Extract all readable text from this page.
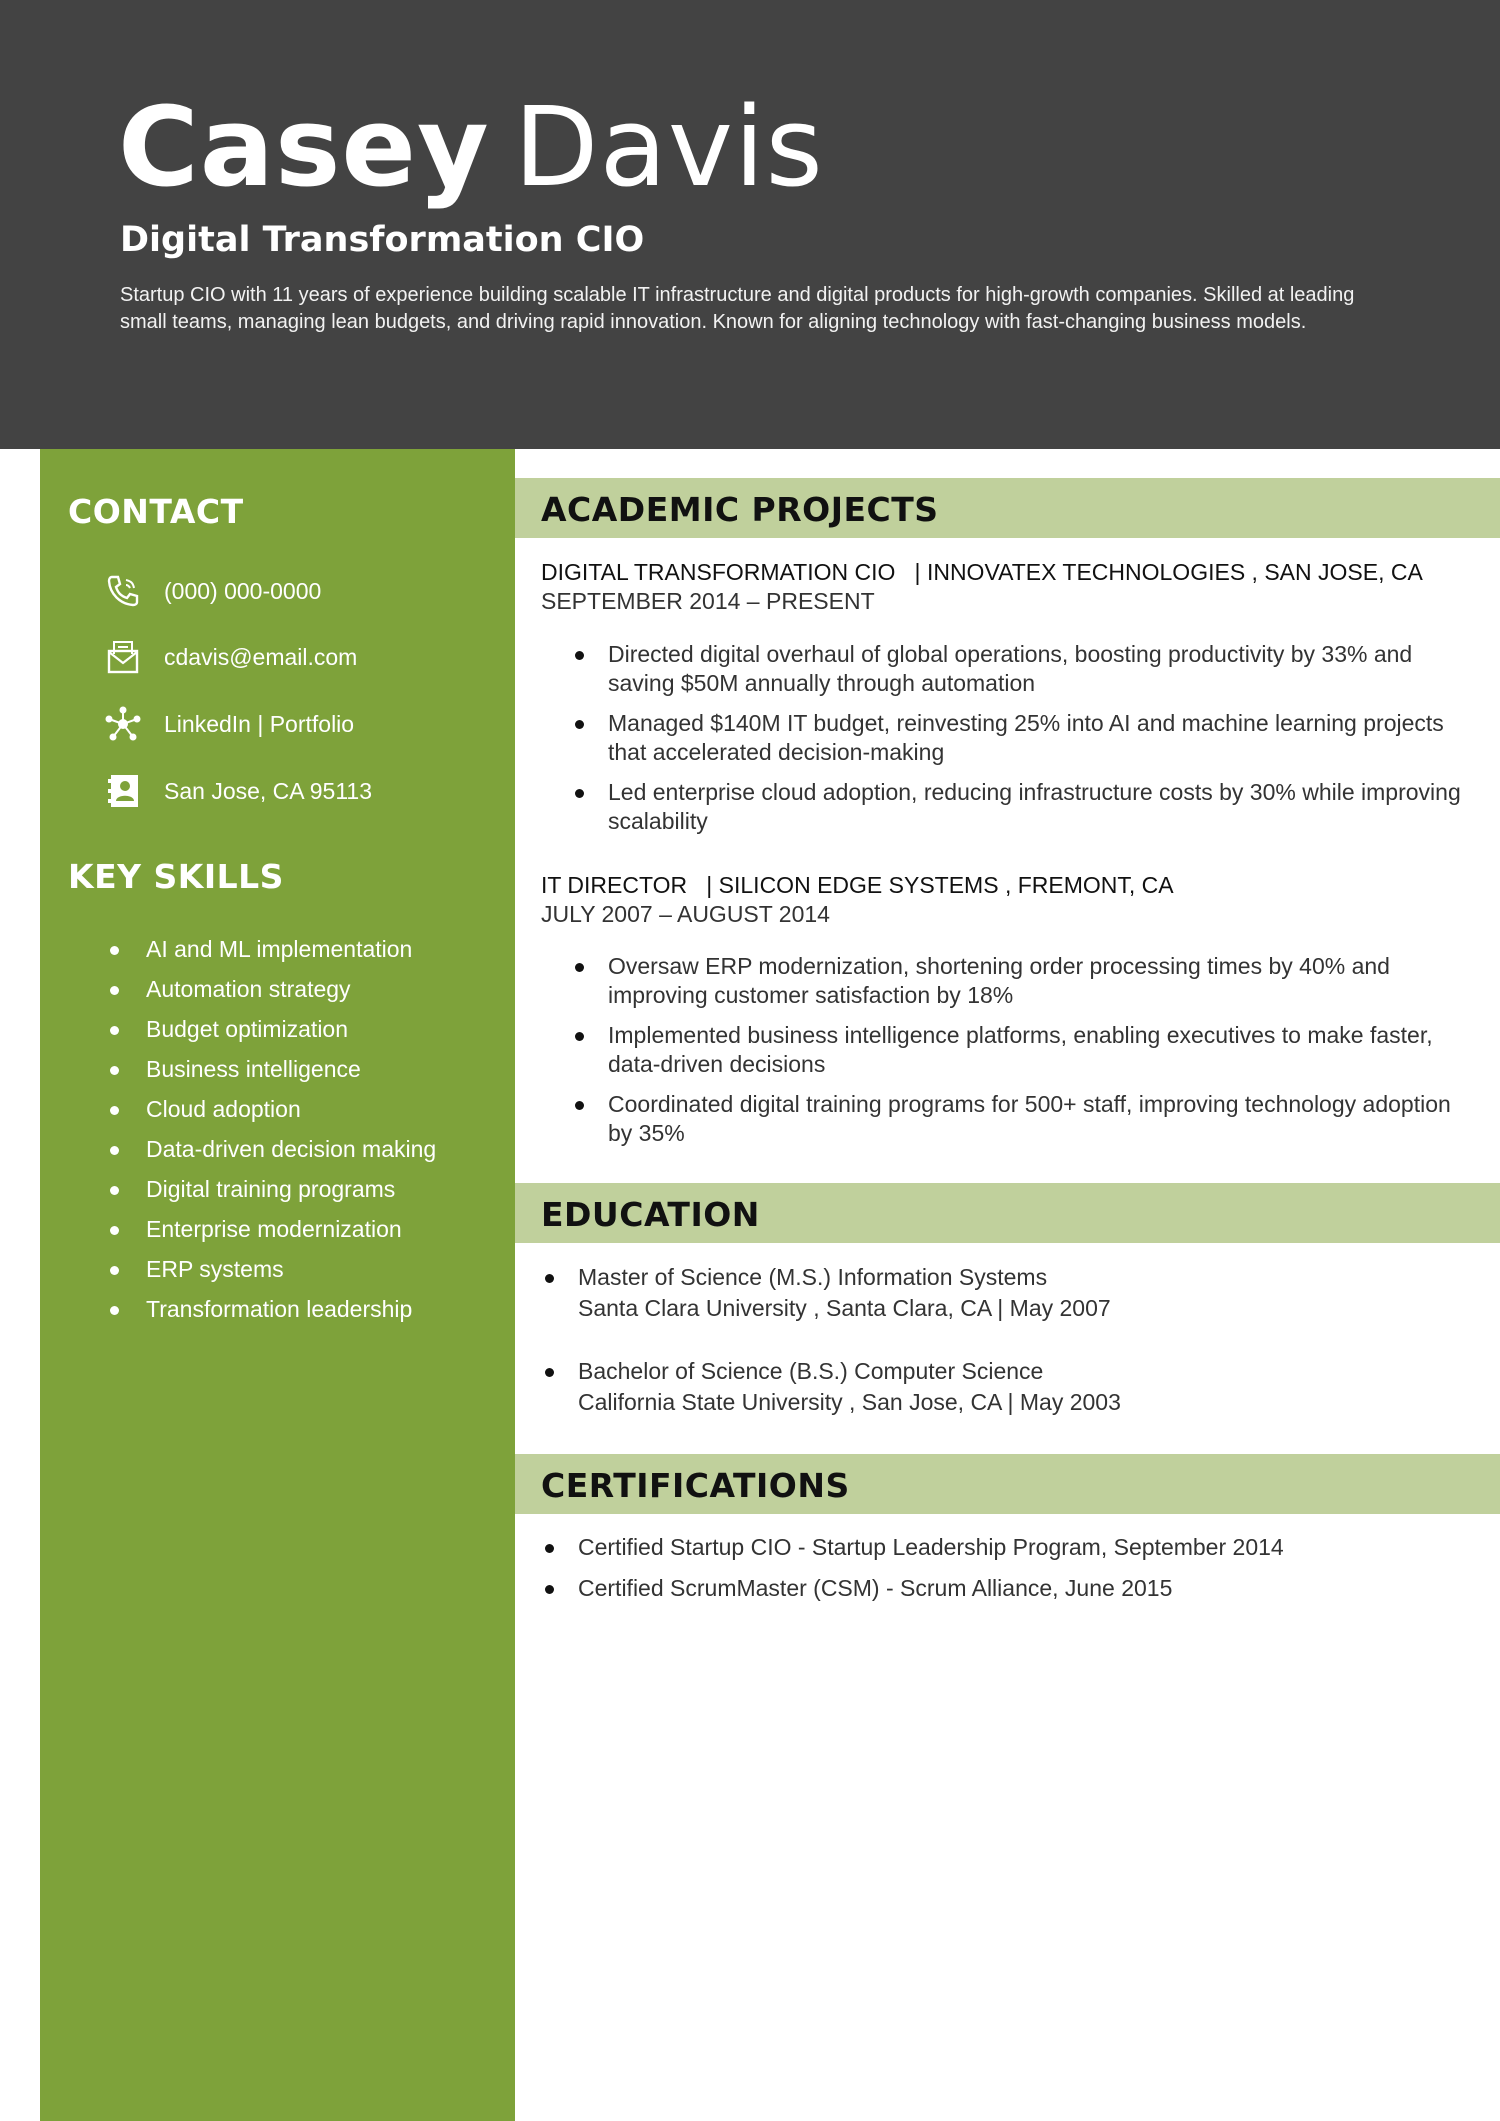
Casey Davis
Digital Transformation CIO
Startup CIO with 11 years of experience building scalable IT infrastructure and digital products for high-growth companies. Skilled at leading small teams, managing lean budgets, and driving rapid innovation. Known for aligning technology with fast-changing business models.
CONTACT
(000) 000-0000
cdavis@email.com
LinkedIn | Portfolio
San Jose, CA 95113
KEY SKILLS
AI and ML implementation
Automation strategy
Budget optimization
Business intelligence
Cloud adoption
Data-driven decision making
Digital training programs
Enterprise modernization
ERP systems
Transformation leadership
ACADEMIC PROJECTS
DIGITAL TRANSFORMATION CIO   | INNOVATEX TECHNOLOGIES , SAN JOSE, CA
SEPTEMBER 2014 – PRESENT
Directed digital overhaul of global operations, boosting productivity by 33% and saving $50M annually through automation
Managed $140M IT budget, reinvesting 25% into AI and machine learning projects that accelerated decision-making
Led enterprise cloud adoption, reducing infrastructure costs by 30% while improving scalability
IT DIRECTOR   | SILICON EDGE SYSTEMS , FREMONT, CA
JULY 2007 – AUGUST 2014
Oversaw ERP modernization, shortening order processing times by 40% and improving customer satisfaction by 18%
Implemented business intelligence platforms, enabling executives to make faster, data-driven decisions
Coordinated digital training programs for 500+ staff, improving technology adoption by 35%
EDUCATION
Master of Science (M.S.) Information Systems
Santa Clara University , Santa Clara, CA | May 2007
Bachelor of Science (B.S.) Computer Science
California State University , San Jose, CA | May 2003
CERTIFICATIONS
Certified Startup CIO - Startup Leadership Program, September 2014
Certified ScrumMaster (CSM) - Scrum Alliance, June 2015
